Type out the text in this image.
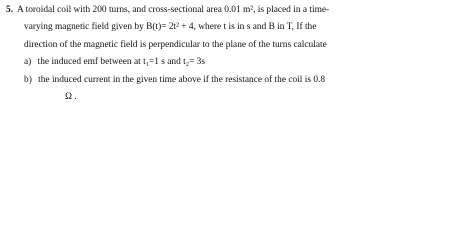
5. A toroidal coil with 200 turns, and cross-sectional area 0.01 m², is placed in a time-
varying magnetic field given by B(t)= 2t² + 4, where t is in s and B in T, If the
direction of the magnetic field is perpendicular to the plane of the turns calculate
a) the induced emf between at t₁=1 s and t₂= 3s
b) the induced current in the given time above if the resistance of the coil is 0.8
Ω .
